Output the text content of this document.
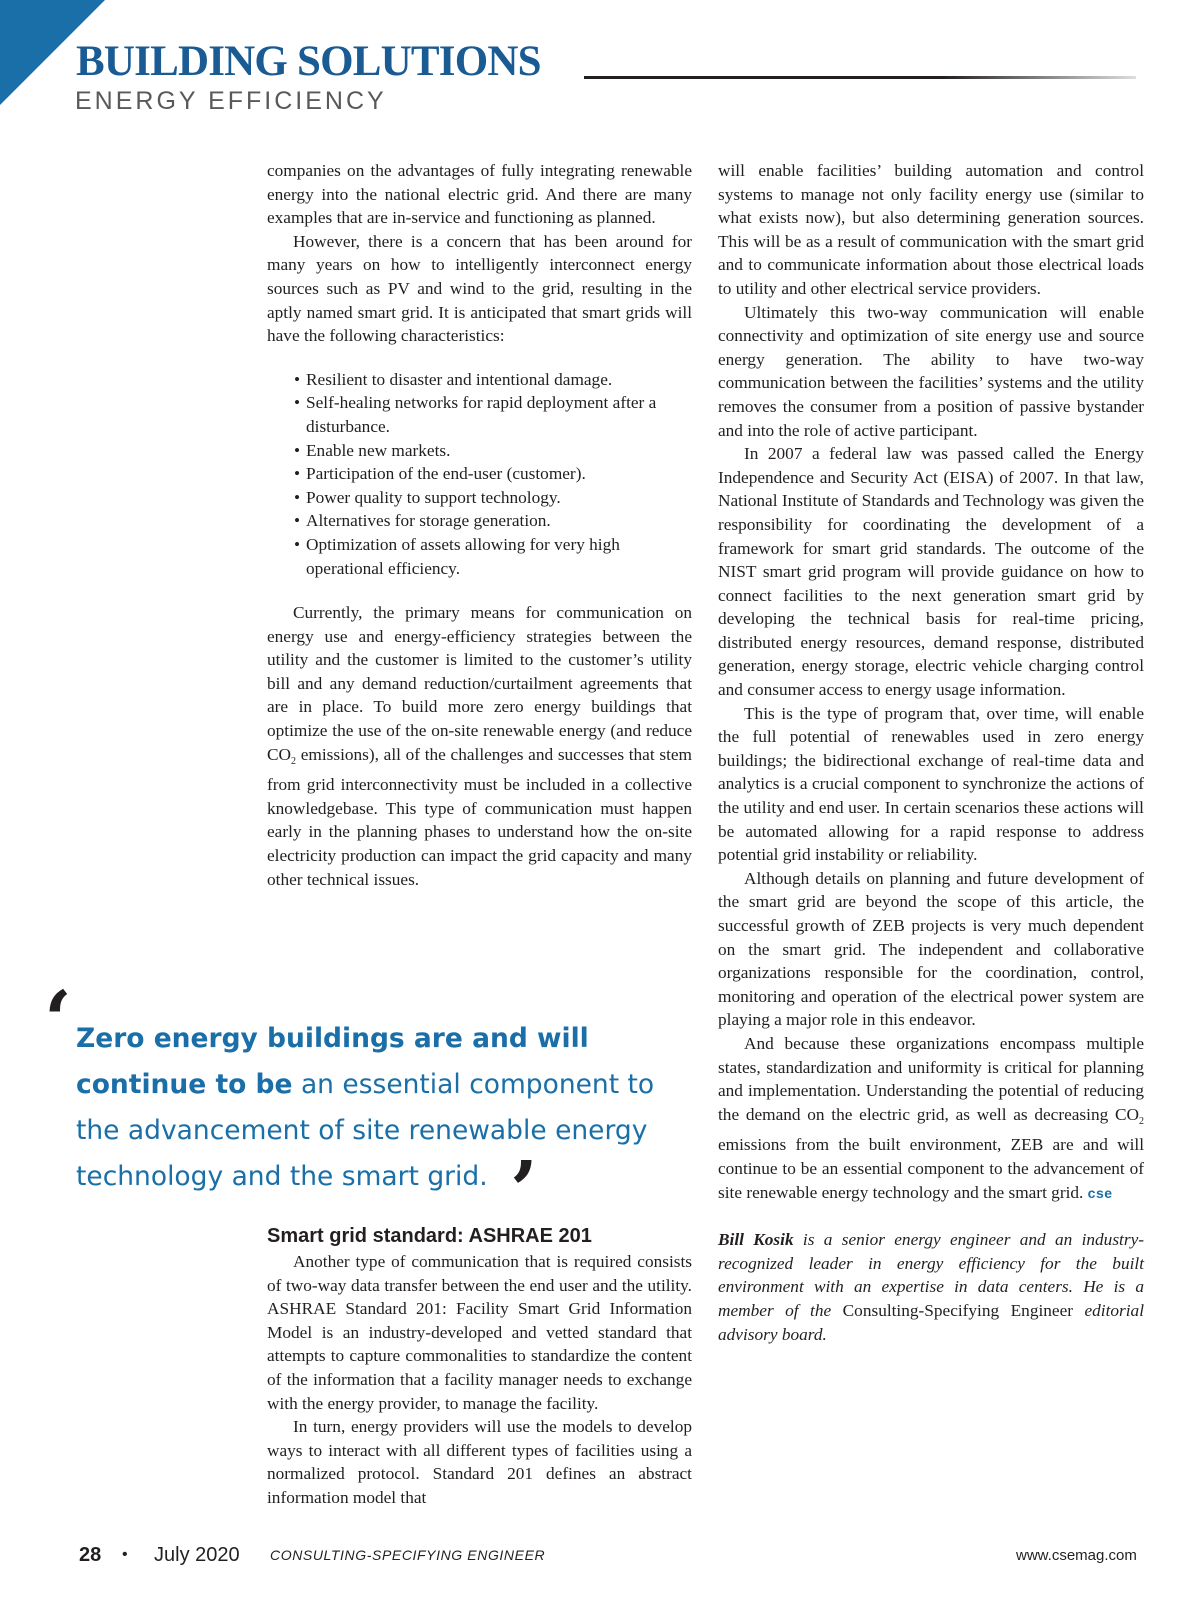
BUILDING SOLUTIONS
ENERGY EFFICIENCY

companies on the advantages of fully integrating renewable energy into the national electric grid. And there are many examples that are in-service and functioning as planned.

However, there is a concern that has been around for many years on how to intelligently interconnect energy sources such as PV and wind to the grid, resulting in the aptly named smart grid. It is anticipated that smart grids will have the following characteristics:

• Resilient to disaster and intentional damage.
• Self-healing networks for rapid deployment after a disturbance.
• Enable new markets.
• Participation of the end-user (customer).
• Power quality to support technology.
• Alternatives for storage generation.
• Optimization of assets allowing for very high operational efficiency.

Currently, the primary means for communication on energy use and energy-efficiency strategies between the utility and the customer is limited to the customer’s utility bill and any demand reduction/curtailment agreements that are in place. To build more zero energy buildings that optimize the use of the on-site renewable energy (and reduce $CO_2$ emissions), all of the challenges and successes that stem from grid interconnectivity must be included in a collective knowledgebase. This type of communication must happen early in the planning phases to understand how the on-site electricity production can impact the grid capacity and many other technical issues.

‘ Zero energy buildings are and will continue to be an essential component to the advancement of site renewable energy technology and the smart grid. ’
Smart grid standard: ASHRAE 201

Another type of communication that is required consists of two-way data transfer between the end user and the utility. ASHRAE Standard 201: Facility Smart Grid Information Model is an industry-developed and vetted standard that attempts to capture commonalities to standardize the content of the information that a facility manager needs to exchange with the energy provider, to manage the facility.

In turn, energy providers will use the models to develop ways to interact with all different types of facilities using a normalized protocol. Standard 201 defines an abstract information model that

will enable facilities’ building automation and control systems to manage not only facility energy use (similar to what exists now), but also determining generation sources. This will be as a result of communication with the smart grid and to communicate information about those electrical loads to utility and other electrical service providers.

Ultimately this two-way communication will enable connectivity and optimization of site energy use and source energy generation. The ability to have two-way communication between the facilities’ systems and the utility removes the consumer from a position of passive bystander and into the role of active participant.

In 2007 a federal law was passed called the Energy Independence and Security Act (EISA) of 2007. In that law, National Institute of Standards and Technology was given the responsibility for coordinating the development of a framework for smart grid standards. The outcome of the NIST smart grid program will provide guidance on how to connect facilities to the next generation smart grid by developing the technical basis for real-time pricing, distributed energy resources, demand response, distributed generation, energy storage, electric vehicle charging control and consumer access to energy usage information.

This is the type of program that, over time, will enable the full potential of renewables used in zero energy buildings; the bidirectional exchange of real-time data and analytics is a crucial component to synchronize the actions of the utility and end user. In certain scenarios these actions will be automated allowing for a rapid response to address potential grid instability or reliability.

Although details on planning and future development of the smart grid are beyond the scope of this article, the successful growth of ZEB projects is very much dependent on the smart grid. The independent and collaborative organizations responsible for the coordination, control, monitoring and operation of the electrical power system are playing a major role in this endeavor.

And because these organizations encompass multiple states, standardization and uniformity is critical for planning and implementation. Understanding the potential of reducing the demand on the electric grid, as well as decreasing $CO_2$ emissions from the built environment, ZEB are and will continue to be an essential component to the advancement of site renewable energy technology and the smart grid. cse

Bill Kosik is a senior energy engineer and an industry-recognized leader in energy efficiency for the built environment with an expertise in data centers. He is a member of the Consulting-Specifying Engineer editorial advisory board.

28 • July 2020 CONSULTING-SPECIFYING ENGINEER	www.csemag.com
